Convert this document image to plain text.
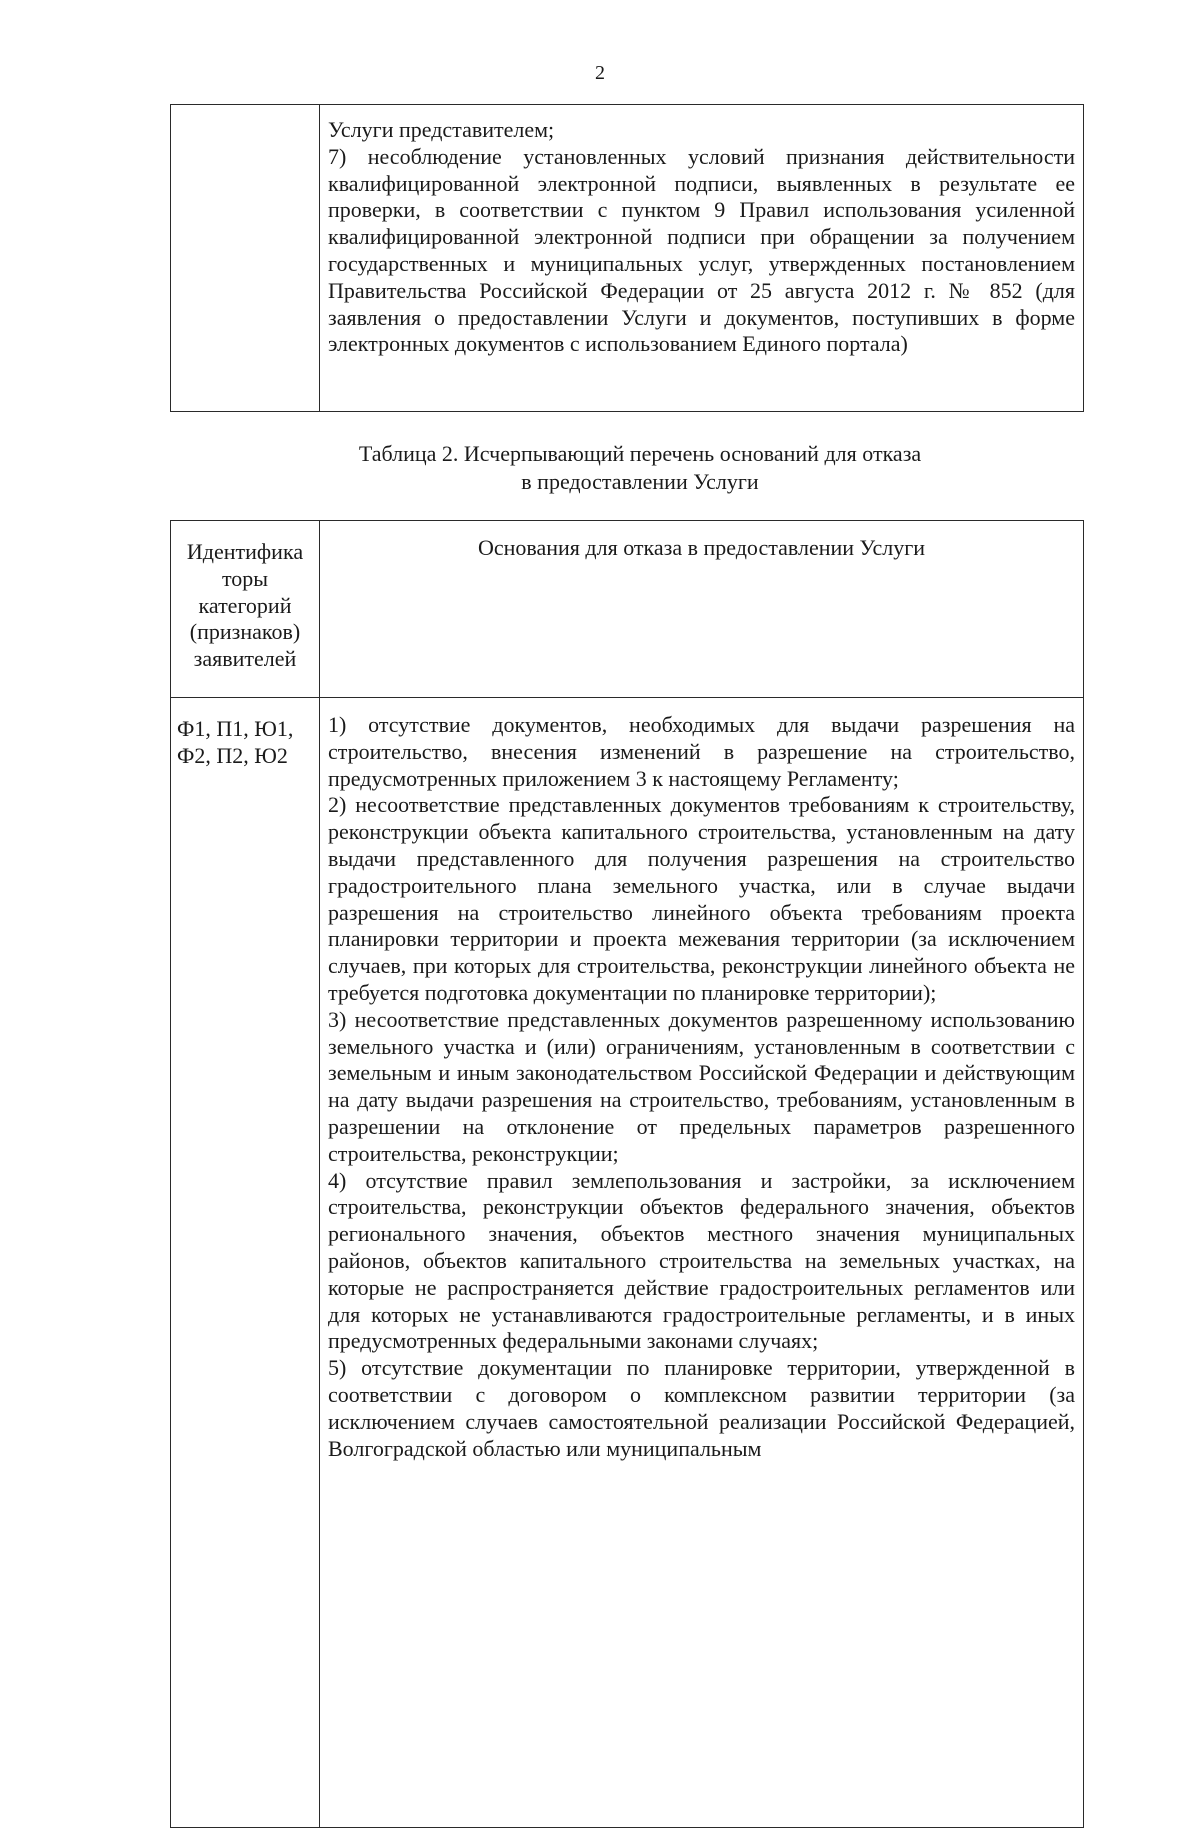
2

Услуги представителем;
7) несоблюдение установленных условий признания действительности квалифицированной электронной подписи, выявленных в результате ее проверки, в соответствии с пунктом 9 Правил использования усиленной квалифицированной электронной подписи при обращении за получением государственных и муниципальных услуг, утвержденных постановлением Правительства Российской Федерации от 25 августа 2012 г. № 852 (для заявления о предоставлении Услуги и документов, поступивших в форме электронных документов с использованием Единого портала)
Таблица 2. Исчерпывающий перечень оснований для отказа
в предоставлении Услуги
Идентифика торы категорий (признаков) заявителей	Основания для отказа в предоставлении Услуги
Ф1, П1, Ю1, Ф2, П2, Ю2	1) отсутствие документов, необходимых для выдачи разрешения на строительство, внесения изменений в разрешение на строительство, предусмотренных приложением 3 к настоящему Регламенту;

2) несоответствие представленных документов требованиям к строительству, реконструкции объекта капитального строительства, установленным на дату выдачи представленного для получения разрешения на строительство градостроительного плана земельного участка, или в случае выдачи разрешения на строительство линейного объекта требованиям проекта планировки территории и проекта межевания территории (за исключением случаев, при которых для строительства, реконструкции линейного объекта не требуется подготовка документации по планировке территории);

3) несоответствие представленных документов разрешенному использованию земельного участка и (или) ограничениям, установленным в соответствии с земельным и иным законодательством Российской Федерации и действующим на дату выдачи разрешения на строительство, требованиям, установленным в разрешении на отклонение от предельных параметров разрешенного строительства, реконструкции;

4) отсутствие правил землепользования и застройки, за исключением строительства, реконструкции объектов федерального значения, объектов регионального значения, объектов местного значения муниципальных районов, объектов капитального строительства на земельных участках, на которые не распространяется действие градостроительных регламентов или для которых не устанавливаются градостроительные регламенты, и в иных предусмотренных федеральными законами случаях;

5) отсутствие документации по планировке территории, утвержденной в соответствии с договором о комплексном развитии территории (за исключением случаев самостоятельной реализации Российской Федерацией, Волгоградской областью или муниципальным
